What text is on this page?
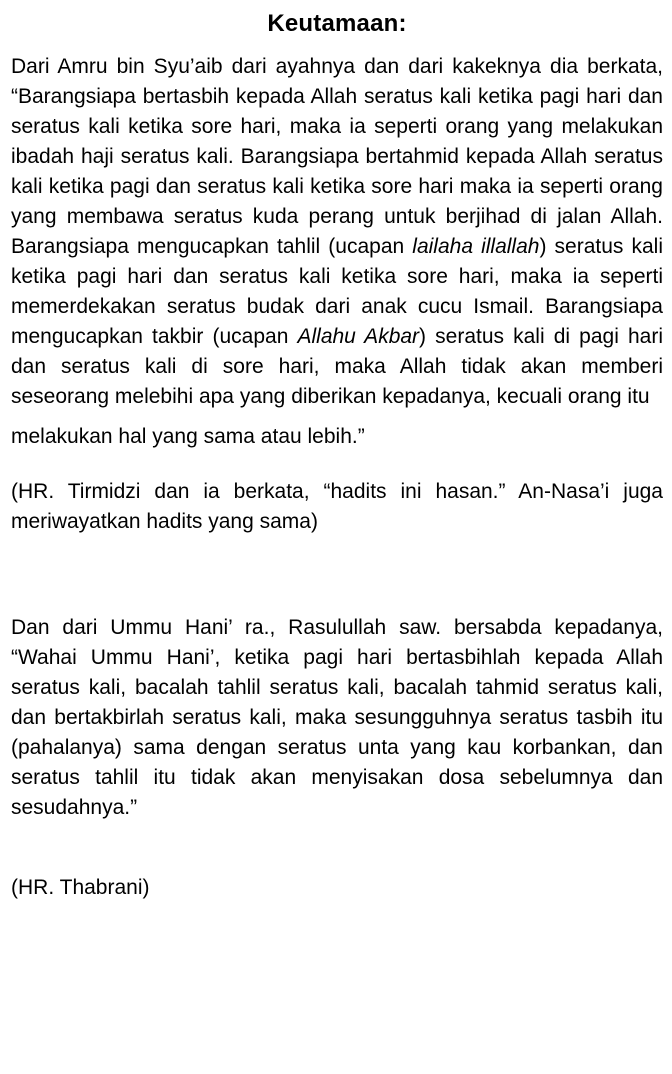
Keutamaan:

Dari Amru bin Syu’aib dari ayahnya dan dari kakeknya dia berkata, “Barangsiapa bertasbih kepada Allah seratus kali ketika pagi hari dan seratus kali ketika sore hari, maka ia seperti orang yang melakukan ibadah haji seratus kali. Barangsiapa bertahmid kepada Allah seratus kali ketika pagi dan seratus kali ketika sore hari maka ia seperti orang yang membawa seratus kuda perang untuk berjihad di jalan Allah. Barangsiapa mengucapkan tahlil (ucapan lailaha illallah) seratus kali ketika pagi hari dan seratus kali ketika sore hari, maka ia seperti memerdekakan seratus budak dari anak cucu Ismail. Barangsiapa mengucapkan takbir (ucapan Allahu Akbar) seratus kali di pagi hari dan seratus kali di sore hari, maka Allah tidak akan memberi seseorang melebihi apa yang diberikan kepadanya, kecuali orang itu
melakukan hal yang sama atau lebih.”

(HR. Tirmidzi dan ia berkata, “hadits ini hasan.” An-Nasa’i juga meriwayatkan hadits yang sama)

Dan dari Ummu Hani’ ra., Rasulullah saw. bersabda kepadanya, “Wahai Ummu Hani’, ketika pagi hari bertasbihlah kepada Allah seratus kali, bacalah tahlil seratus kali, bacalah tahmid seratus kali, dan bertakbirlah seratus kali, maka sesungguhnya seratus tasbih itu (pahalanya) sama dengan seratus unta yang kau korbankan, dan seratus tahlil itu tidak akan menyisakan dosa sebelumnya dan sesudahnya.”

(HR. Thabrani)
